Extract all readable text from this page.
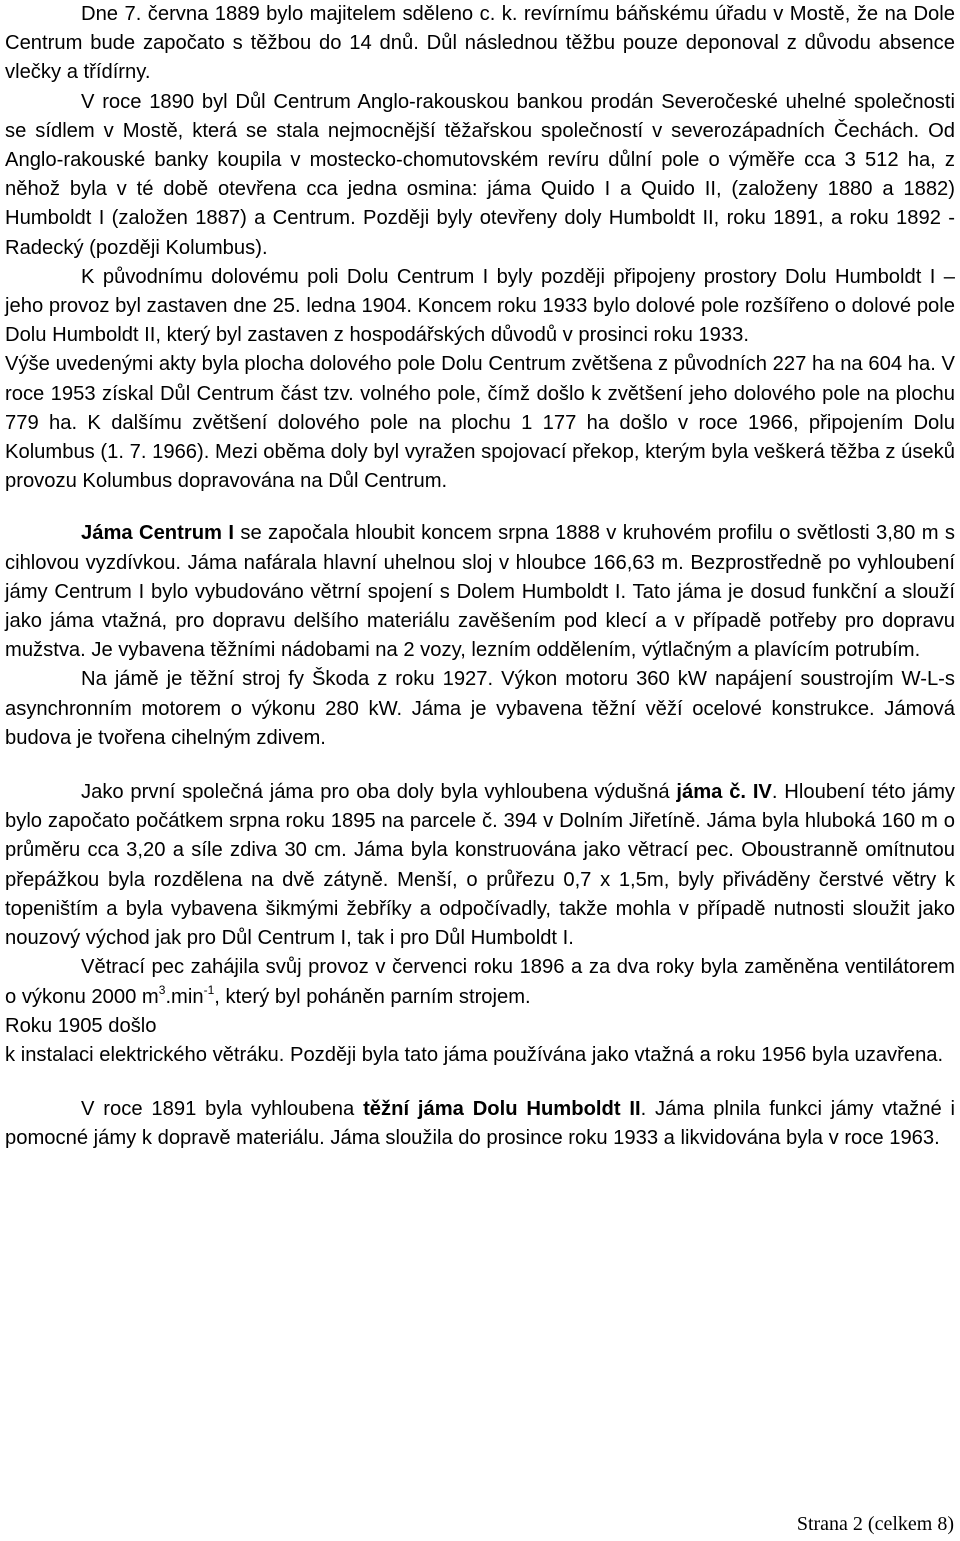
Dne 7. června 1889 bylo majitelem sděleno c. k. revírnímu báňskému úřadu v Mostě, že na Dole Centrum bude započato s těžbou do 14 dnů. Důl následnou těžbu pouze deponoval z důvodu absence vlečky a třídírny.

V roce 1890 byl Důl Centrum Anglo-rakouskou bankou prodán Severočeské uhelné společnosti se sídlem v Mostě, která se stala nejmocnější těžařskou společností v severozápadních Čechách. Od Anglo-rakouské banky koupila v mostecko-chomutovském revíru důlní pole o výměře cca 3 512 ha, z něhož byla v té době otevřena cca jedna osmina: jáma Quido I a Quido II, (založeny 1880 a 1882) Humboldt I (založen 1887) a Centrum. Později byly otevřeny doly Humboldt II, roku 1891, a roku 1892 - Radecký (později Kolumbus).

K původnímu dolovému poli Dolu Centrum I byly později připojeny prostory Dolu Humboldt I – jeho provoz byl zastaven dne 25. ledna 1904. Koncem roku 1933 bylo dolové pole rozšířeno o dolové pole Dolu Humboldt II, který byl zastaven z hospodářských důvodů v prosinci roku 1933.

Výše uvedenými akty byla plocha dolového pole Dolu Centrum zvětšena z původních 227 ha na 604 ha. V roce 1953 získal Důl Centrum část tzv. volného pole, čímž došlo k zvětšení jeho dolového pole na plochu 779 ha. K dalšímu zvětšení dolového pole na plochu 1 177 ha došlo v roce 1966, připojením Dolu Kolumbus (1. 7. 1966). Mezi oběma doly byl vyražen spojovací překop, kterým byla veškerá těžba z úseků provozu Kolumbus dopravována na Důl Centrum.

Jáma Centrum I se započala hloubit koncem srpna 1888 v kruhovém profilu o světlosti 3,80 m s cihlovou vyzdívkou. Jáma nafárala hlavní uhelnou sloj v hloubce 166,63 m. Bezprostředně po vyhloubení jámy Centrum I bylo vybudováno větrní spojení s Dolem Humboldt I. Tato jáma je dosud funkční a slouží jako jáma vtažná, pro dopravu delšího materiálu zavěšením pod klecí a v případě potřeby pro dopravu mužstva. Je vybavena těžními nádobami na 2 vozy, lezním oddělením, výtlačným a plavícím potrubím.

Na jámě je těžní stroj fy Škoda z roku 1927. Výkon motoru 360 kW napájení soustrojím W-L-s asynchronním motorem o výkonu 280 kW. Jáma je vybavena těžní věží ocelové konstrukce. Jámová budova je tvořena cihelným zdivem.

Jako první společná jáma pro oba doly byla vyhloubena výdušná jáma č. IV. Hloubení této jámy bylo započato počátkem srpna roku 1895 na parcele č. 394 v Dolním Jiřetíně. Jáma byla hluboká 160 m o průměru cca 3,20 a síle zdiva 30 cm. Jáma byla konstruována jako větrací pec. Oboustranně omítnutou přepážkou byla rozdělena na dvě zátyně. Menší, o průřezu 0,7 x 1,5m, byly přiváděny čerstvé větry k topeništím a byla vybavena šikmými žebříky a odpočívadly, takže mohla v případě nutnosti sloužit jako nouzový východ jak pro Důl Centrum I, tak i pro Důl Humboldt I.

Větrací pec zahájila svůj provoz v červenci roku 1896 a za dva roky byla zaměněna ventilátorem o výkonu 2000 $m^3.\min^{-1}$, který byl poháněn parním strojem.
Roku 1905 došlo
k instalaci elektrického větráku. Později byla tato jáma používána jako vtažná a roku 1956 byla uzavřena.

V roce 1891 byla vyhloubena těžní jáma Dolu Humboldt II. Jáma plnila funkci jámy vtažné i pomocné jámy k dopravě materiálu. Jáma sloužila do prosince roku 1933 a likvidována byla v roce 1963.

Strana 2 (celkem 8)
